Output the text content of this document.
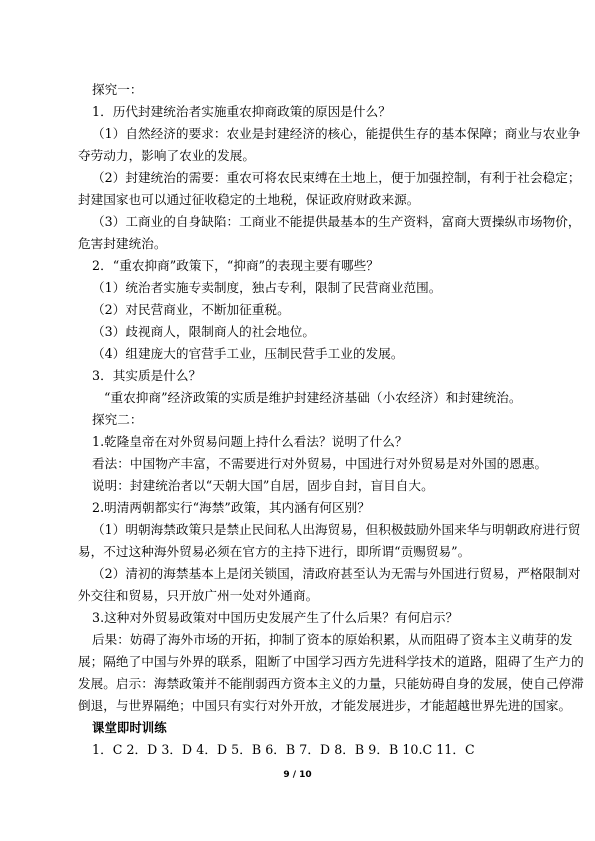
探究一：
1．历代封建统治者实施重农抑商政策的原因是什么？
（1）自然经济的要求：农业是封建经济的核心，能提供生存的基本保障；商业与农业争
夺劳动力，影响了农业的发展。
（2）封建统治的需要：重农可将农民束缚在土地上，便于加强控制，有利于社会稳定；
封建国家也可以通过征收稳定的土地税，保证政府财政来源。
（3）工商业的自身缺陷：工商业不能提供最基本的生产资料，富商大贾操纵市场物价，
危害封建统治。
2．“重农抑商”政策下，“抑商”的表现主要有哪些？
（1）统治者实施专卖制度，独占专利，限制了民营商业范围。
（2）对民营商业，不断加征重税。
（3）歧视商人，限制商人的社会地位。
（4）组建庞大的官营手工业，压制民营手工业的发展。
3．其实质是什么？
“重农抑商”经济政策的实质是维护封建经济基础（小农经济）和封建统治。
探究二：
1.乾隆皇帝在对外贸易问题上持什么看法？说明了什么？
看法：中国物产丰富，不需要进行对外贸易，中国进行对外贸易是对外国的恩惠。
说明：封建统治者以“天朝大国”自居，固步自封，盲目自大。
2.明清两朝都实行“海禁”政策，其内涵有何区别？
（1）明朝海禁政策只是禁止民间私人出海贸易，但积极鼓励外国来华与明朝政府进行贸
易，不过这种海外贸易必须在官方的主持下进行，即所谓“贡赐贸易”。
（2）清初的海禁基本上是闭关锁国，清政府甚至认为无需与外国进行贸易，严格限制对
外交往和贸易，只开放广州一处对外通商。
3.这种对外贸易政策对中国历史发展产生了什么后果？有何启示？
后果：妨碍了海外市场的开拓，抑制了资本的原始积累，从而阻碍了资本主义萌芽的发
展；隔绝了中国与外界的联系，阻断了中国学习西方先进科学技术的道路，阻碍了生产力的
发展。启示：海禁政策并不能削弱西方资本主义的力量，只能妨碍自身的发展，使自己停滞
倒退，与世界隔绝；中国只有实行对外开放，才能发展进步，才能超越世界先进的国家。
课堂即时训练
1．C 2．D 3．D 4．D 5．B 6．B 7．D 8．B 9．B 10.C 11．C
9 / 10
